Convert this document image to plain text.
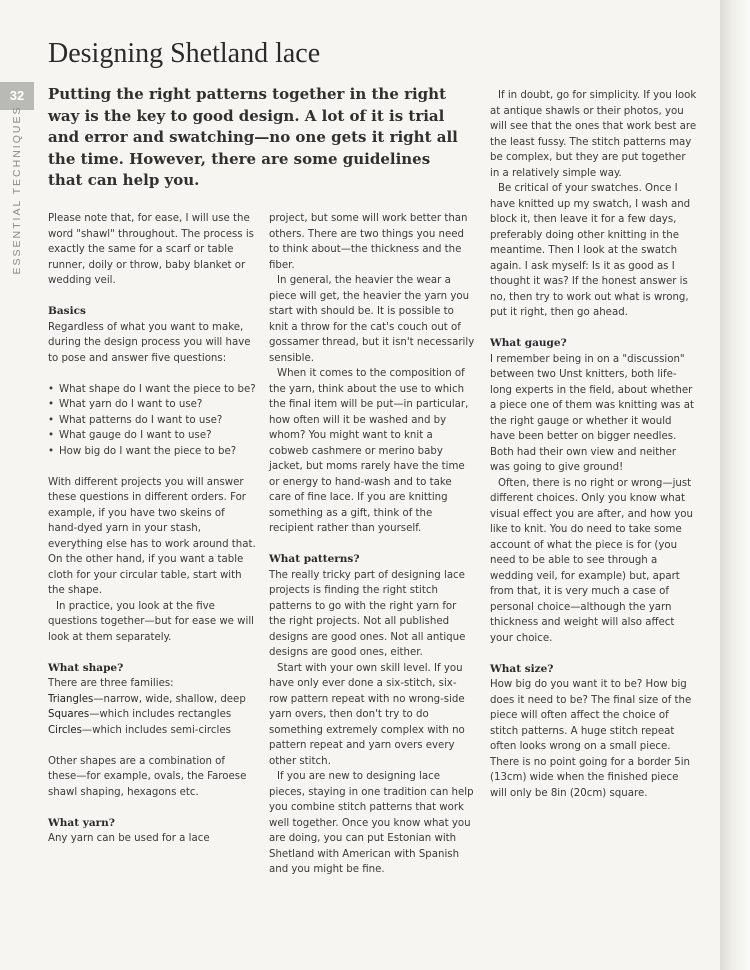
32
ESSENTIAL TECHNIQUES
Designing Shetland lace

Putting the right patterns together in the right way is the key to good design. A lot of it is trial and error and swatching—no one gets it right all the time. However, there are some guidelines that can help you.

Please note that, for ease, I will use the word "shawl" throughout. The process is exactly the same for a scarf or table runner, doily or throw, baby blanket or wedding veil.

Basics

Regardless of what you want to make, during the design process you will have to pose and answer five questions:

• What shape do I want the piece to be?
• What yarn do I want to use?
• What patterns do I want to use?
• What gauge do I want to use?
• How big do I want the piece to be?

With different projects you will answer these questions in different orders. For example, if you have two skeins of hand-dyed yarn in your stash, everything else has to work around that. On the other hand, if you want a table cloth for your circular table, start with the shape.

In practice, you look at the five questions together—but for ease we will look at them separately.

What shape?

There are three families:

Triangles—narrow, wide, shallow, deep

Squares—which includes rectangles

Circles—which includes semi-circles

Other shapes are a combination of these—for example, ovals, the Faroese shawl shaping, hexagons etc.

What yarn?

Any yarn can be used for a lace

project, but some will work better than others. There are two things you need to think about—the thickness and the fiber.

In general, the heavier the wear a piece will get, the heavier the yarn you start with should be. It is possible to knit a throw for the cat's couch out of gossamer thread, but it isn't necessarily sensible.

When it comes to the composition of the yarn, think about the use to which the final item will be put—in particular, how often will it be washed and by whom? You might want to knit a cobweb cashmere or merino baby jacket, but moms rarely have the time or energy to hand-wash and to take care of fine lace. If you are knitting something as a gift, think of the recipient rather than yourself.

What patterns?

The really tricky part of designing lace projects is finding the right stitch patterns to go with the right yarn for the right projects. Not all published designs are good ones. Not all antique designs are good ones, either.

Start with your own skill level. If you have only ever done a six-stitch, six-row pattern repeat with no wrong-side yarn overs, then don't try to do something extremely complex with no pattern repeat and yarn overs every other stitch.

If you are new to designing lace pieces, staying in one tradition can help you combine stitch patterns that work well together. Once you know what you are doing, you can put Estonian with Shetland with American with Spanish and you might be fine.

If in doubt, go for simplicity. If you look at antique shawls or their photos, you will see that the ones that work best are the least fussy. The stitch patterns may be complex, but they are put together in a relatively simple way.

Be critical of your swatches. Once I have knitted up my swatch, I wash and block it, then leave it for a few days, preferably doing other knitting in the meantime. Then I look at the swatch again. I ask myself: Is it as good as I thought it was? If the honest answer is no, then try to work out what is wrong, put it right, then go ahead.

What gauge?

I remember being in on a "discussion" between two Unst knitters, both life-long experts in the field, about whether a piece one of them was knitting was at the right gauge or whether it would have been better on bigger needles. Both had their own view and neither was going to give ground!

Often, there is no right or wrong—just different choices. Only you know what visual effect you are after, and how you like to knit. You do need to take some account of what the piece is for (you need to be able to see through a wedding veil, for example) but, apart from that, it is very much a case of personal choice—although the yarn thickness and weight will also affect your choice.

What size?

How big do you want it to be? How big does it need to be? The final size of the piece will often affect the choice of stitch patterns. A huge stitch repeat often looks wrong on a small piece. There is no point going for a border 5in (13cm) wide when the finished piece will only be 8in (20cm) square.
